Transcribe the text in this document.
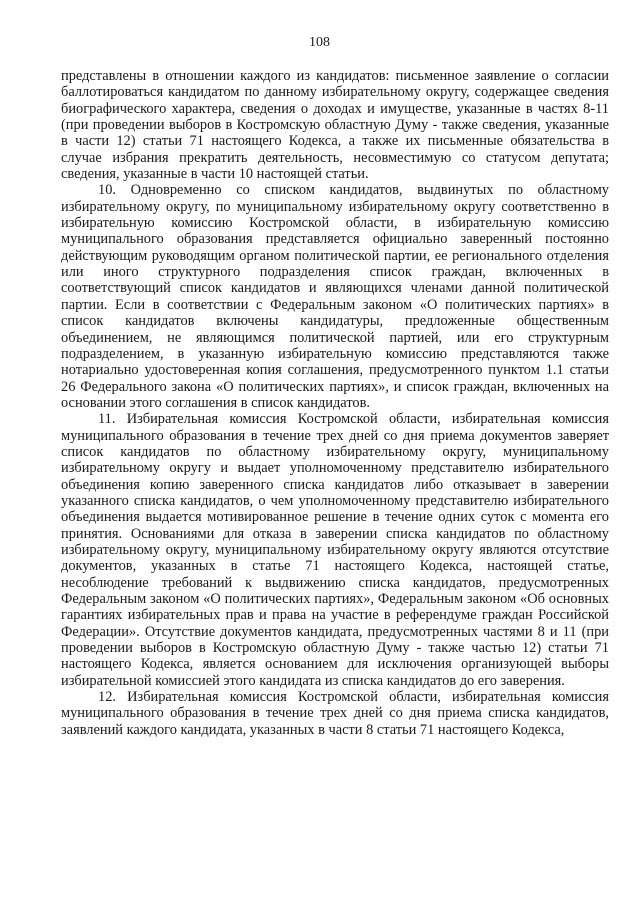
108

представлены в отношении каждого из кандидатов: письменное заявление о согласии баллотироваться кандидатом по данному избирательному округу, содержащее сведения биографического характера, сведения о доходах и имуществе, указанные в частях 8-11 (при проведении выборов в Костромскую областную Думу - также сведения, указанные в части 12) статьи 71 настоящего Кодекса, а также их письменные обязательства в случае избрания прекратить деятельность, несовместимую со статусом депутата; сведения, указанные в части 10 настоящей статьи.

10. Одновременно со списком кандидатов, выдвинутых по областному избирательному округу, по муниципальному избирательному округу соответственно в избирательную комиссию Костромской области, в избирательную комиссию муниципального образования представляется официально заверенный постоянно действующим руководящим органом политической партии, ее регионального отделения или иного структурного подразделения список граждан, включенных в соответствующий список кандидатов и являющихся членами данной политической партии. Если в соответствии с Федеральным законом «О политических партиях» в список кандидатов включены кандидатуры, предложенные общественным объединением, не являющимся политической партией, или его структурным подразделением, в указанную избирательную комиссию представляются также нотариально удостоверенная копия соглашения, предусмотренного пунктом 1.1 статьи 26 Федерального закона «О политических партиях», и список граждан, включенных на основании этого соглашения в список кандидатов.

11. Избирательная комиссия Костромской области, избирательная комиссия муниципального образования в течение трех дней со дня приема документов заверяет список кандидатов по областному избирательному округу, муниципальному избирательному округу и выдает уполномоченному представителю избирательного объединения копию заверенного списка кандидатов либо отказывает в заверении указанного списка кандидатов, о чем уполномоченному представителю избирательного объединения выдается мотивированное решение в течение одних суток с момента его принятия. Основаниями для отказа в заверении списка кандидатов по областному избирательному округу, муниципальному избирательному округу являются отсутствие документов, указанных в статье 71 настоящего Кодекса, настоящей статье, несоблюдение требований к выдвижению списка кандидатов, предусмотренных Федеральным законом «О политических партиях», Федеральным законом «Об основных гарантиях избирательных прав и права на участие в референдуме граждан Российской Федерации». Отсутствие документов кандидата, предусмотренных частями 8 и 11 (при проведении выборов в Костромскую областную Думу - также частью 12) статьи 71 настоящего Кодекса, является основанием для исключения организующей выборы избирательной комиссией этого кандидата из списка кандидатов до его заверения.

12. Избирательная комиссия Костромской области, избирательная комиссия муниципального образования в течение трех дней со дня приема списка кандидатов, заявлений каждого кандидата, указанных в части 8 статьи 71 настоящего Кодекса,
